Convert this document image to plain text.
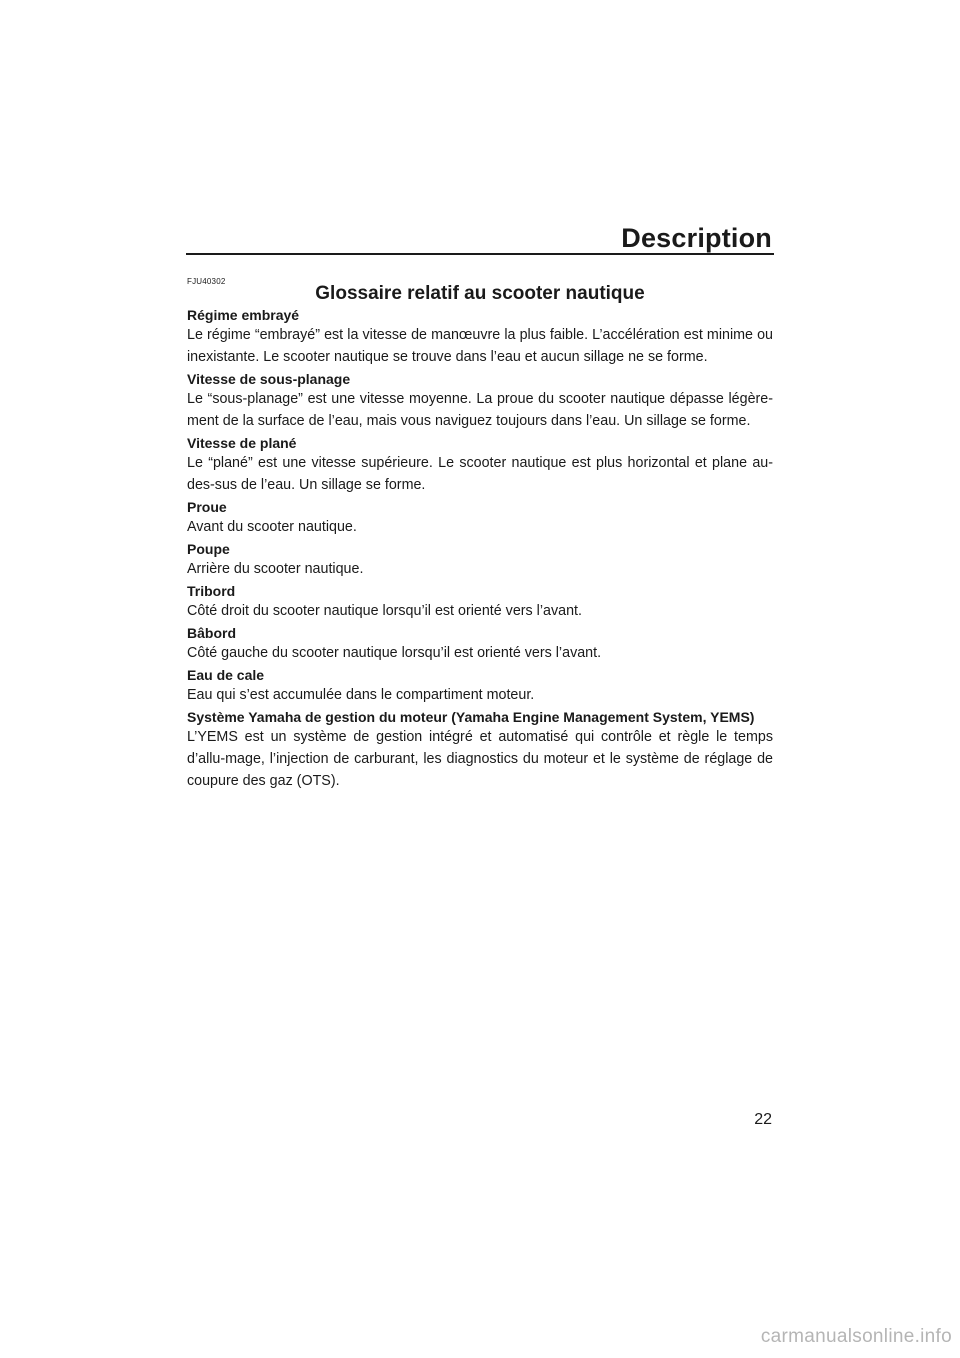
Description
FJU40302
Glossaire relatif au scooter nautique

Régime embrayé

Le régime “embrayé” est la vitesse de manœuvre la plus faible. L’accélération est minime ou inexistante. Le scooter nautique se trouve dans l’eau et aucun sillage ne se forme.

Vitesse de sous-planage

Le “sous-planage” est une vitesse moyenne. La proue du scooter nautique dépasse légère-ment de la surface de l’eau, mais vous naviguez toujours dans l’eau. Un sillage se forme.

Vitesse de plané

Le “plané” est une vitesse supérieure. Le scooter nautique est plus horizontal et plane au-des-sus de l’eau. Un sillage se forme.

Proue

Avant du scooter nautique.

Poupe

Arrière du scooter nautique.

Tribord

Côté droit du scooter nautique lorsqu’il est orienté vers l’avant.

Bâbord

Côté gauche du scooter nautique lorsqu’il est orienté vers l’avant.

Eau de cale

Eau qui s’est accumulée dans le compartiment moteur.

Système Yamaha de gestion du moteur (Yamaha Engine Management System, YEMS)

L’YEMS est un système de gestion intégré et automatisé qui contrôle et règle le temps d’allu-mage, l’injection de carburant, les diagnostics du moteur et le système de réglage de coupure des gaz (OTS).

22
carmanualsonline.info
